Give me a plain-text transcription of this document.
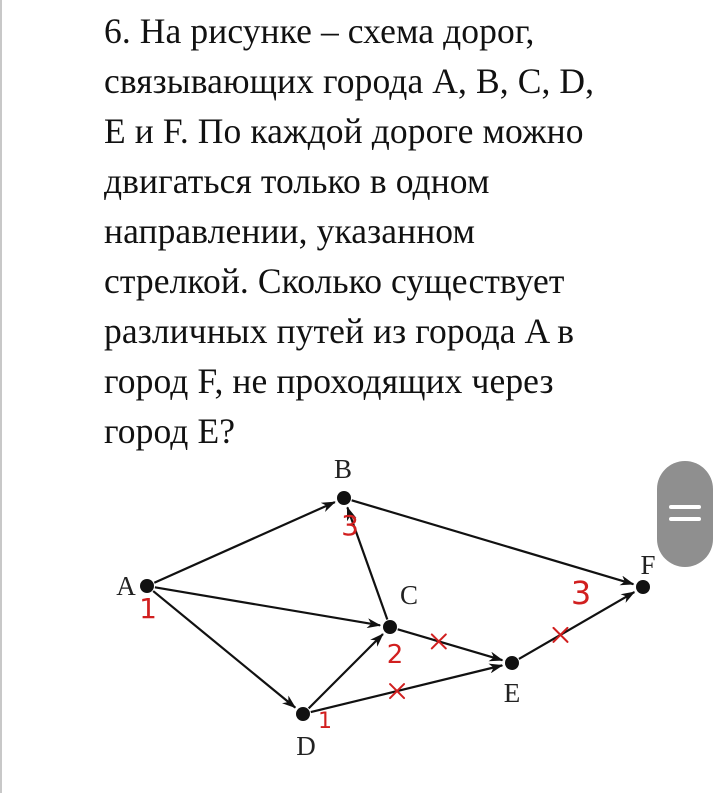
6. На рисунке – схема дорог,
связывающих города A, B, C, D,
E и F. По каждой дороге можно
двигаться только в одном
направлении, указанном
стрелкой. Сколько существует
различных путей из города A в
город F, не проходящих через
город E?
A
B
C
D
E
F
1
3
2
1
3
